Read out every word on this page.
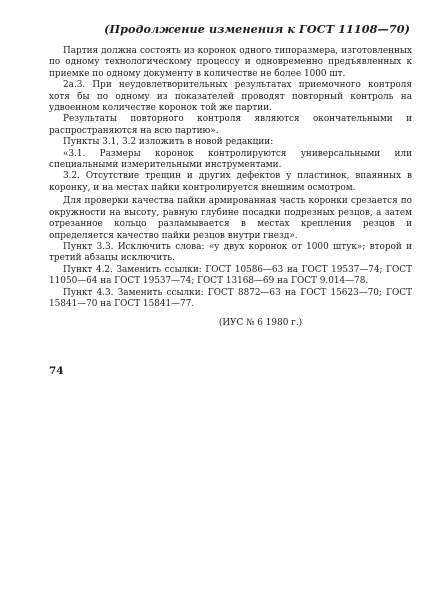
(Продолжение изменения к ГОСТ 11108—70)

Партия должна состоять из коронок одного типоразмера, изготовленных по одному технологическому процессу и одновременно предъявленных к приемке по одному документу в количестве не более 1000 шт.

2а.3. При неудовлетворительных результатах приемочного контроля хотя бы по одному из показателей проводят повторный контроль на удвоенном количестве коронок той же партии.

Результаты повторного контроля являются окончательными и распространяются на всю партию».

Пункты 3.1, 3.2 изложить в новой редакции:

«3.1. Размеры коронок контролируются универсальными или специальными измерительными инструментами.

3.2. Отсутствие трещин и других дефектов у пластинок, впаянных в коронку, и на местах пайки контролируется внешним осмотром.

Для проверки качества пайки армированная часть коронки срезается по окружности на высоту, равную глубине посадки подрезных резцов, а затем отрезанное кольцо разламывается в местах крепления резцов и определяется качество пайки резцов внутри гнезд».

Пункт 3.3. Исключить слова: «у двух коронок от 1000 штук»; второй и третий абзацы исключить.

Пункт 4.2. Заменить ссылки: ГОСТ 10586—63 на ГОСТ 19537—74; ГОСТ 11050—64 на ГОСТ 19537—74; ГОСТ 13168—69 на ГОСТ 9.014—78.

Пункт 4.3. Заменить ссылки: ГОСТ 8872—63 на ГОСТ 15623—70; ГОСТ 15841—70 на ГОСТ 15841—77.

(ИУС № 6 1980 г.)

74
